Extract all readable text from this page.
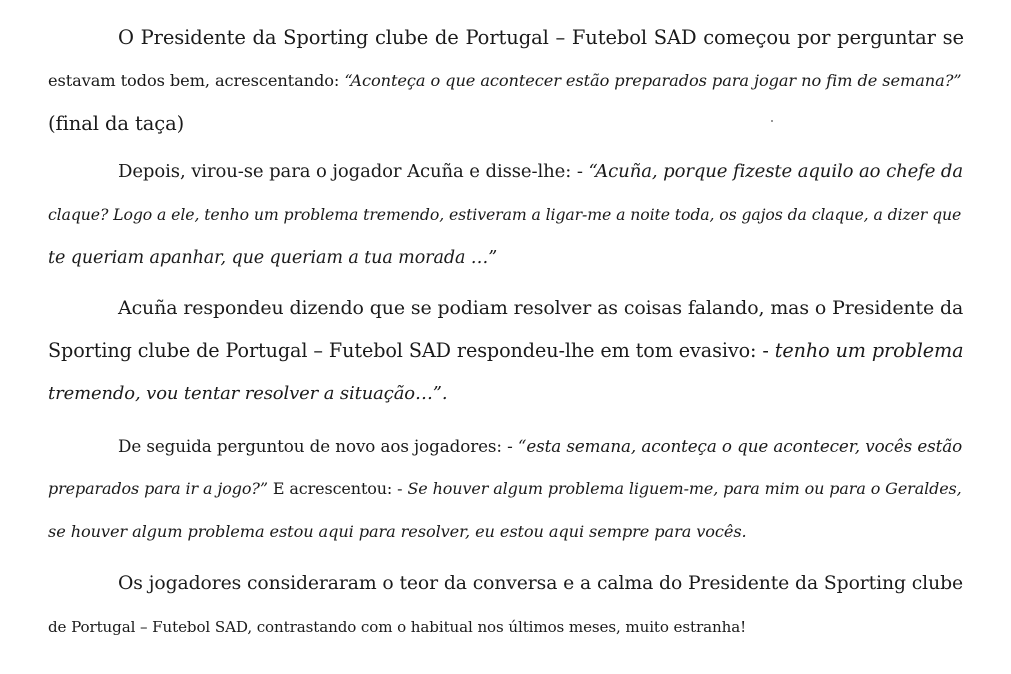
O Presidente da Sporting clube de Portugal – Futebol SAD começou por perguntar se
estavam todos bem, acrescentando: “Aconteça o que acontecer estão preparados para jogar no fim de semana?”
(final da taça)
Depois, virou-se para o jogador Acuña e disse-lhe: - “Acuña, porque fizeste aquilo ao chefe da
claque? Logo a ele, tenho um problema tremendo, estiveram a ligar-me a noite toda, os gajos da claque, a dizer que
te queriam apanhar, que queriam a tua morada …”
Acuña respondeu dizendo que se podiam resolver as coisas falando, mas o Presidente da
Sporting clube de Portugal – Futebol SAD respondeu-lhe em tom evasivo: - tenho um problema
tremendo, vou tentar resolver a situação…”.
De seguida perguntou de novo aos jogadores: - “esta semana, aconteça o que acontecer, vocês estão
preparados para ir a jogo?” E acrescentou: - Se houver algum problema liguem-me, para mim ou para o Geraldes,
se houver algum problema estou aqui para resolver, eu estou aqui sempre para vocês.
Os jogadores consideraram o teor da conversa e a calma do Presidente da Sporting clube
de Portugal – Futebol SAD, contrastando com o habitual nos últimos meses, muito estranha!
